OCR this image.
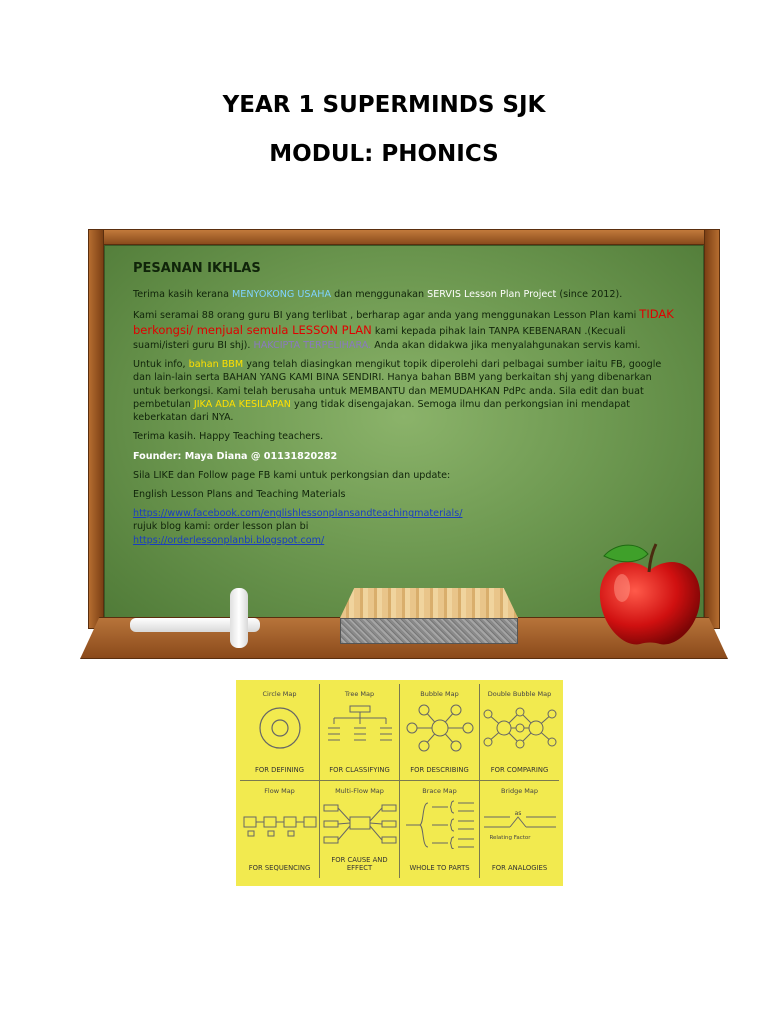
YEAR 1 SUPERMINDS SJK
MODUL: PHONICS

PESANAN IKHLAS

Terima kasih kerana MENYOKONG USAHA dan menggunakan SERVIS Lesson Plan Project (since 2012).

Kami seramai 88 orang guru BI yang terlibat , berharap agar anda yang menggunakan Lesson Plan kami TIDAK berkongsi/ menjual semula LESSON PLAN kami kepada pihak lain TANPA KEBENARAN .(Kecuali suami/isteri guru BI shj). HAKCIPTA TERPELIHARA. Anda akan didakwa jika menyalahgunakan servis kami.

Untuk info, bahan BBM yang telah diasingkan mengikut topik diperolehi dari pelbagai sumber iaitu FB, google dan lain-lain serta BAHAN YANG KAMI BINA SENDIRI. Hanya bahan BBM yang berkaitan shj yang dibenarkan untuk berkongsi. Kami telah berusaha untuk MEMBANTU dan MEMUDAHKAN PdPc anda. Sila edit dan buat pembetulan JIKA ADA KESILAPAN yang tidak disengajakan. Semoga ilmu dan perkongsian ini mendapat keberkatan dari NYA.

Terima kasih. Happy Teaching teachers.

Founder: Maya Diana @ 01131820282

Sila LIKE dan Follow page FB kami untuk perkongsian dan update:

English Lesson Plans and Teaching Materials

https://www.facebook.com/englishlessonplansandteachingmaterials/
rujuk blog kami: order lesson plan bi
https://orderlessonplanbi.blogspot.com/
Circle Map
FOR DEFINING
Tree Map
FOR CLASSIFYING
Bubble Map
FOR DESCRIBING
Double Bubble Map
FOR COMPARING
Flow Map
FOR SEQUENCING
Multi-Flow Map
FOR CAUSE AND EFFECT
Brace Map
WHOLE TO PARTS
Bridge Map
as
Relating Factor
FOR ANALOGIES
